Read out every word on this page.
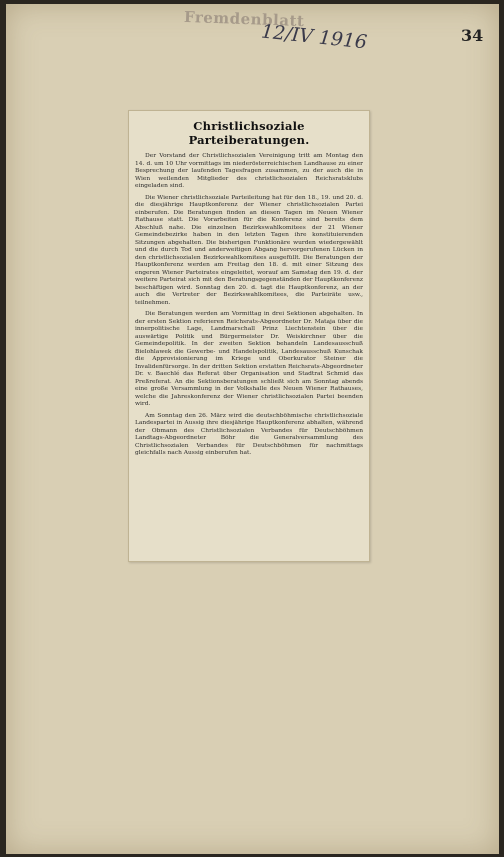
Fremdenblatt
12/IV 1916	34
Christlichsoziale Parteiberatungen.

Der Vorstand der Christlichsozialen Vereinigung tritt am Montag den 14. d. um 10 Uhr vormittags im niederösterreichischen Landhause zu einer Besprechung der laufenden Tagesfragen zusammen, zu der auch die in Wien weilenden Mitglieder des christlichsozialen Reichsratsklubs eingeladen sind.

Die Wiener christlichsoziale Parteileitung hat für den 18., 19. und 20. d. die diesjährige Hauptkonferenz der Wiener christlichsozialen Partei einberufen. Die Beratungen finden an diesen Tagen im Neuen Wiener Rathause statt. Die Vorarbeiten für die Konferenz sind bereits dem Abschluß nahe. Die einzelnen Bezirkswahlkomitees der 21 Wiener Gemeindebezirke haben in den letzten Tagen ihre konstituierenden Sitzungen abgehalten. Die bisherigen Funktionäre wurden wiedergewählt und die durch Tod und anderweitigen Abgang hervorgerufenen Lücken in den christlichsozialen Bezirkswahlkomitees ausgefüllt. Die Beratungen der Hauptkonferenz werden am Freitag den 18. d. mit einer Sitzung des engeren Wiener Parteirates eingeleitet, worauf am Samstag den 19. d. der weitere Parteirat sich mit den Beratungsgegenständen der Hauptkonferenz beschäftigen wird. Sonntag den 20. d. tagt die Hauptkonferenz, an der auch die Vertreter der Bezirkswahlkomitees, die Parteiräte usw., teilnehmen.

Die Beratungen werden am Vormittag in drei Sektionen abgehalten. In der ersten Sektion referieren Reichsrats-Abgeordneter Dr. Mataja über die innerpolitische Lage, Landmarschall Prinz Liechtenstein über die auswärtige Politik und Bürgermeister Dr. Weiskirchner über die Gemeindepolitik. In der zweiten Sektion behandeln Landesausschuß Bielohlawek die Gewerbe- und Handelspolitik, Landesausschuß Kunschak die Approvisionierung im Kriege und Oberkurator Steiner die Invalidenfürsorge. In der dritten Sektion erstatten Reichsrats-Abgeordneter Dr. v. Baechlé das Referat über Organisation und Stadtrat Schmid das Preßreferat. An die Sektionsberatungen schließt sich am Sonntag abends eine große Versammlung in der Volkshalle des Neuen Wiener Rathauses, welche die Jahreskonferenz der Wiener christlichsozialen Partei beenden wird.

Am Sonntag den 26. März wird die deutschböhmische christlichsoziale Landespartei in Aussig ihre diesjährige Hauptkonferenz abhalten, während der Obmann des Christlichsozialen Verbandes für Deutschböhmen Landtags-Abgeordneter Böhr die Generalversammlung des Christlichsozialen Verbandes für Deutschböhmen für nachmittags gleichfalls nach Aussig einberufen hat.
